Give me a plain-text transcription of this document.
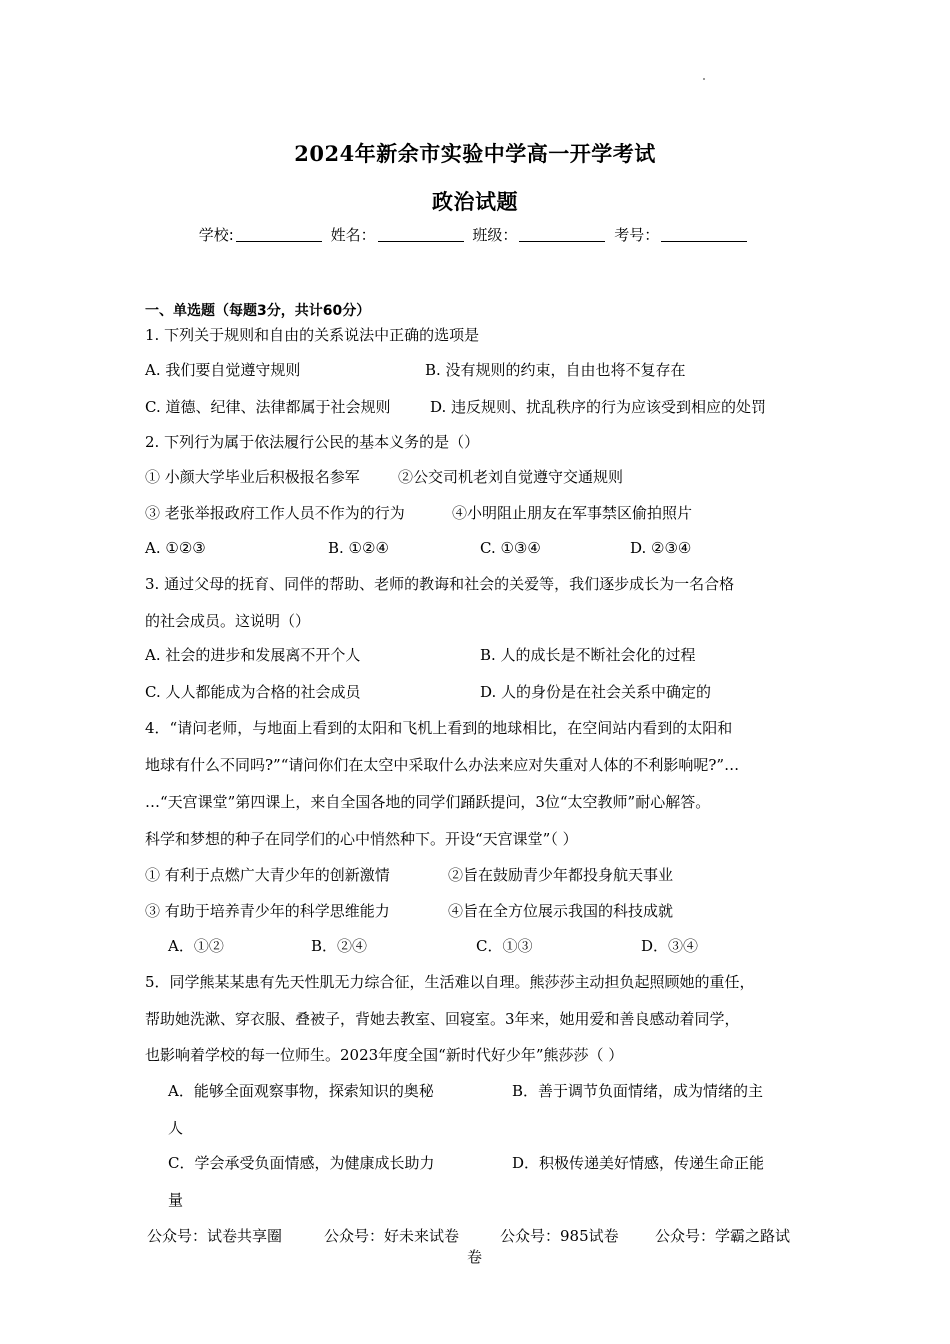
2024年新余市实验中学高一开学考试
政治试题
学校:	姓名：	班级：	考号：
一、单选题（每题3分，共计60分）
1. 下列关于规则和自由的关系说法中正确的选项是
A. 我们要自觉遵守规则	B. 没有规则的约束，自由也将不复存在
C. 道德、纪律、法律都属于社会规则	D. 违反规则、扰乱秩序的行为应该受到相应的处罚
2. 下列行为属于依法履行公民的基本义务的是（）
① 小颜大学毕业后积极报名参军	②公交司机老刘自觉遵守交通规则
③ 老张举报政府工作人员不作为的行为	④小明阻止朋友在军事禁区偷拍照片
A. ①②③	B. ①②④	C. ①③④	D. ②③④
3. 通过父母的抚育、同伴的帮助、老师的教诲和社会的关爱等，我们逐步成长为一名合格
的社会成员。这说明（）
A. 社会的进步和发展离不开个人	B. 人的成长是不断社会化的过程
C. 人人都能成为合格的社会成员	D. 人的身份是在社会关系中确定的
4．“请问老师，与地面上看到的太阳和飞机上看到的地球相比，在空间站内看到的太阳和
地球有什么不同吗?”“请问你们在太空中采取什么办法来应对失重对人体的不利影响呢?”…
…“天宫课堂”第四课上，来自全国各地的同学们踊跃提问，3位“太空教师”耐心解答。
科学和梦想的种子在同学们的心中悄然种下。开设“天宫课堂”（ ）
① 有利于点燃广大青少年的创新激情	②旨在鼓励青少年都投身航天事业
③ 有助于培养青少年的科学思维能力	④旨在全方位展示我国的科技成就
A．①②	B．②④	C．①③	D．③④
5．同学熊某某患有先天性肌无力综合征，生活难以自理。熊莎莎主动担负起照顾她的重任，
帮助她洗漱、穿衣服、叠被子，背她去教室、回寝室。3年来，她用爱和善良感动着同学，
也影响着学校的每一位师生。2023年度全国“新时代好少年”熊莎莎（ ）
A．能够全面观察事物，探索知识的奥秘	B．善于调节负面情绪，成为情绪的主
人
C．学会承受负面情感，为健康成长助力	D．积极传递美好情感，传递生命正能
量
公众号：试卷共享圈	公众号：好未来试卷	公众号：985试卷 公众号：学霸之路试
卷
